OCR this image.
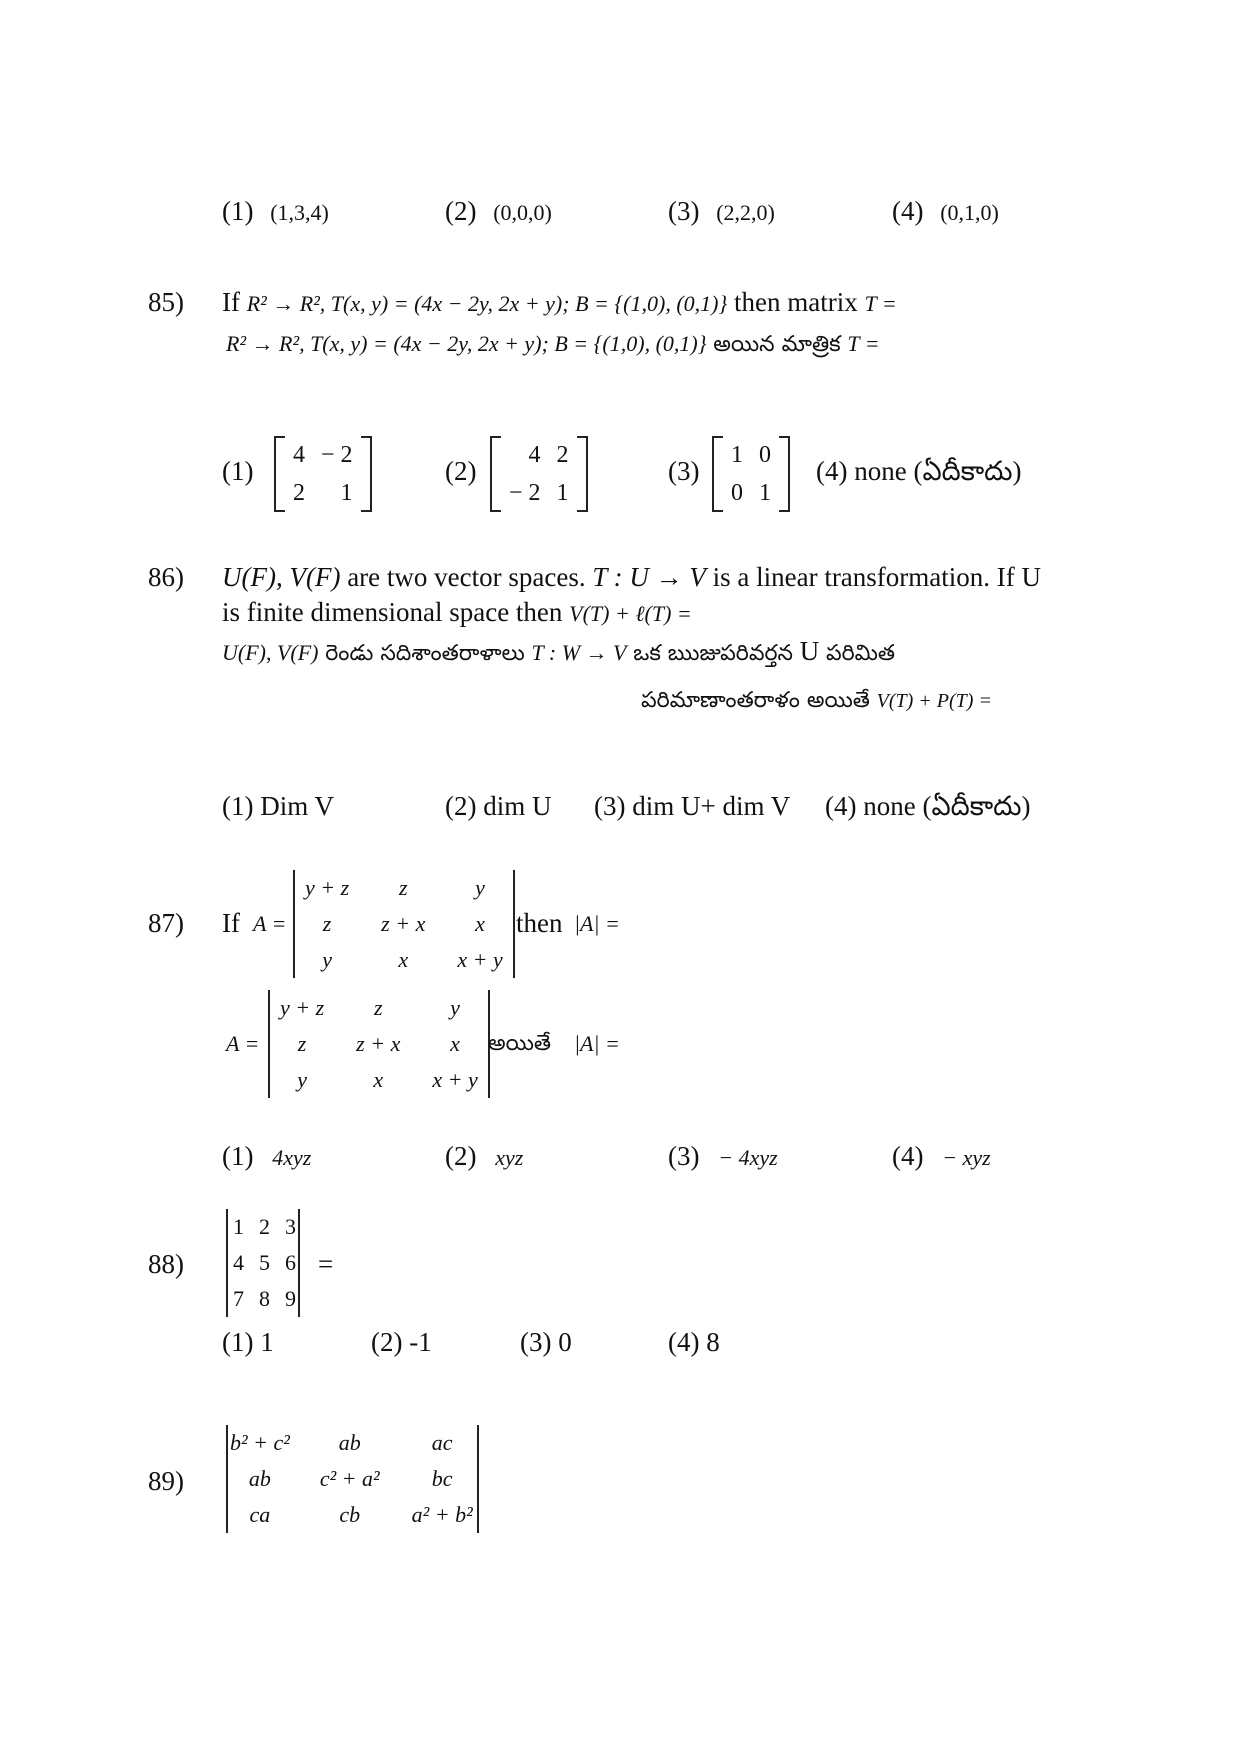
(1) (1,3,4)	(2) (0,0,0)	(3) (2,2,0)	(4) (0,1,0)
85) If R² → R², T(x, y) = (4x − 2y, 2x + y); B = {(1,0), (0,1)} then matrix T =
R² → R², T(x, y) = (4x − 2y, 2x + y); B = {(1,0), (0,1)} అయిన మాత్రిక T =
(1)
4	− 2
2	1
(2)
4	2
− 2	1
(3)
1	0
0	1
(4) none (ఏదీకాదు)
86) U(F), V(F) are two vector spaces. T : U → V is a linear transformation. If U
is finite dimensional space then V(T) + ℓ(T) =
U(F), V(F) రెండు సదిశాంతరాళాలు T : W → V ఒక ఋజుపరివర్తన U పరిమిత
పరిమాణాంతరాళం అయితే V(T) + P(T) =
(1) Dim V	(2) dim U (3) dim U+ dim V (4) none (ఏదీకాదు)
87) If A =
y + z	z	y
z	z + x	x
y	x	x + y
then |A| =
A =
y + z	z	y
z	z + x	x
y	x	x + y
అయితే |A| =
(1) 4xyz	(2) xyz	(3) − 4xyz	(4) − xyz
88)
1	2	3
4	5	6
7	8	9
=
(1) 1	(2) -1	(3) 0	(4) 8
89)
b² + c²	ab	ac
ab	c² + a²	bc
ca	cb	a² + b²
